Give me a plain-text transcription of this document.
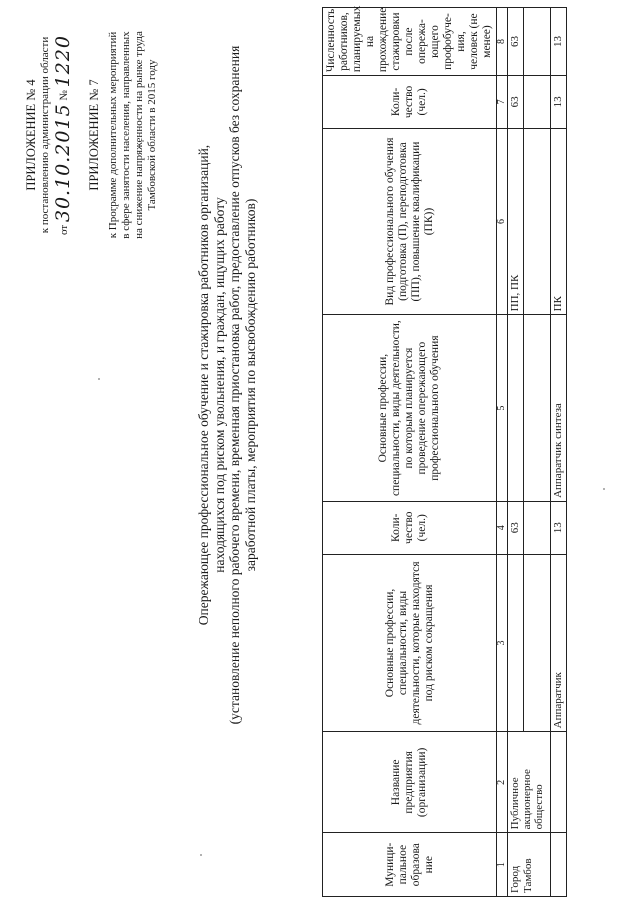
ПРИЛОЖЕНИЕ № 4 к постановлению администрации области от 30.10.2015 № 1220
ПРИЛОЖЕНИЕ № 7 к Программе дополнительных мероприятий в сфере занятости населения, направленных на снижение напряженности на рынке труда Тамбовской области в 2015 году
Опережающее профессиональное обучение и стажировка работников организаций, находящихся под риском увольнения, и граждан, ищущих работу (установление неполного рабочего времени, временная приостановка работ, предоставление отпусков без сохранения заработной платы, мероприятия по высвобождению работников)
Муници-пальное образова ние	Название предприятия (организации)	Основные профессии, специальности, виды деятельности, которые находятся под риском сокращения	Коли-чество (чел.)	Основные профессии, специальности, виды деятельности, по которым планируется проведение опережающего профессионального обучения	Вид профессионального обучения (подготовка (П), переподготовка (ПП), повышение квалификации (ПК))	Коли-чество (чел.)	Численность работников, планируемых на прохождение стажировки после опережа-ющего профобуче-ния, человек (не менее)
1	2	3	4	5	6	7	8
Город Тамбов	Публичное акционерное общество		63		ПП, ПК	63	63

		Аппаратчик	13	Аппаратчик синтеза	ПК	13	13
